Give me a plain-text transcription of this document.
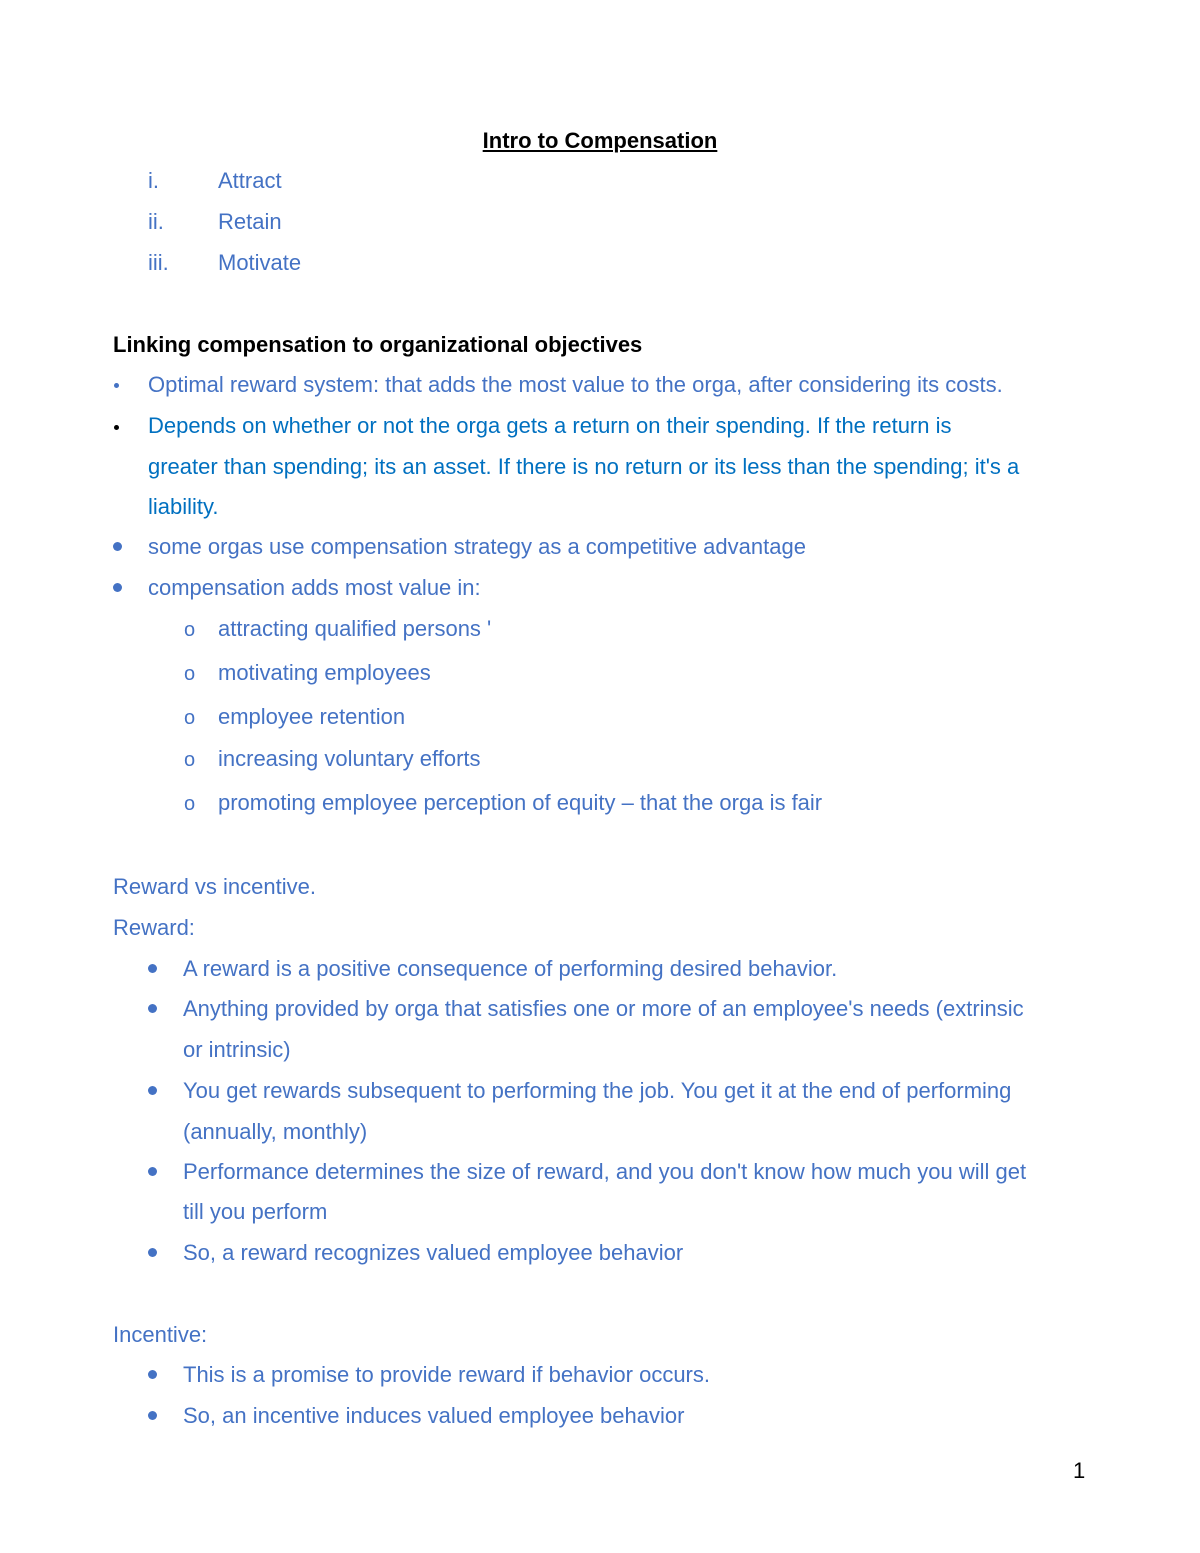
Intro to Compensation
i.	Attract
ii. Retain
iii. Motivate
Linking compensation to organizational objectives
Optimal reward system: that adds the most value to the orga, after considering its costs.
Depends on whether or not the orga gets a return on their spending. If the return is
greater than spending; its an asset. If there is no return or its less than the spending; it's a
liability.
some orgas use compensation strategy as a competitive advantage
compensation adds most value in:
o attracting qualified persons '
o motivating employees
o employee retention
o increasing voluntary efforts
o promoting employee perception of equity – that the orga is fair
Reward vs incentive.
Reward:
A reward is a positive consequence of performing desired behavior.
Anything provided by orga that satisfies one or more of an employee's needs (extrinsic
or intrinsic)
You get rewards subsequent to performing the job. You get it at the end of performing
(annually, monthly)
Performance determines the size of reward, and you don't know how much you will get
till you perform
So, a reward recognizes valued employee behavior
Incentive:
This is a promise to provide reward if behavior occurs.
So, an incentive induces valued employee behavior
1
